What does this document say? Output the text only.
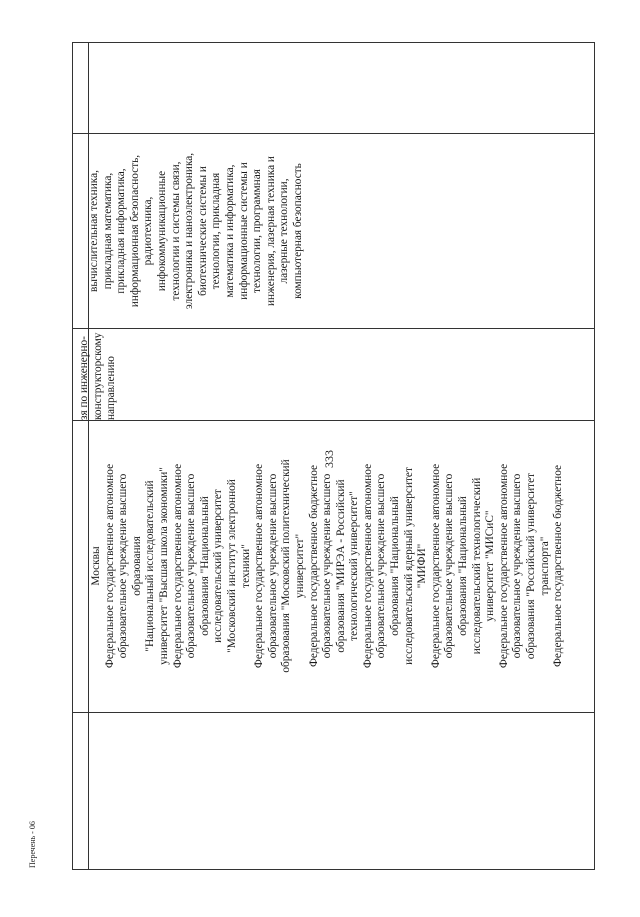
333
Москвы Федеральное государственное автономное образовательное учреждение высшего образования "Национальный исследовательский университет "Высшая школа экономики" Федеральное государственное автономное образовательное учреждение высшего образования "Национальный исследовательский университет "Московский институт электронной техники" Федеральное государственное автономное образовательное учреждение высшего образования "Московский политехнический университет" Федеральное государственное бюджетное образовательное учреждение высшего образования "МИРЭА - Российский технологический университет" Федеральное государственное автономное образовательное учреждение высшего образования "Национальный исследовательский ядерный университет "МИФИ" Федеральное государственное автономное образовательное учреждение высшего образования "Национальный исследовательский технологический университет "МИСиС" Федеральное государственное автономное образовательное учреждение высшего образования "Российский университет транспорта" Федеральное государственное бюджетное
зя по инженерно- конструкторскому направлению
вычислительная техника, прикладная математика, прикладная информатика, информационная безопасность, радиотехника, инфокоммуникационные технологии и системы связи, электроника и наноэлектроника, биотехнические системы и технологии, прикладная математика и информатика, информационные системы и технологии, программная инженерия, лазерная техника и лазерные технологии, компьютерная безопасность
Перечень - 06
